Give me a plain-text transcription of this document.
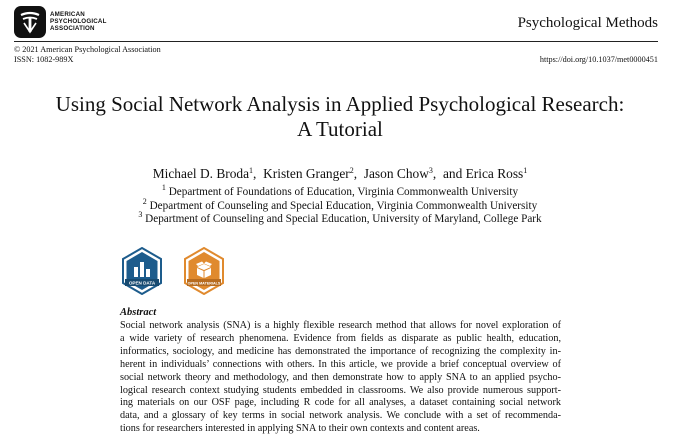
AMERICAN
PSYCHOLOGICAL
ASSOCIATION	Psychological Methods
© 2021 American Psychological Association
ISSN: 1082-989X	https://doi.org/10.1037/met0000451
Using Social Network Analysis in Applied Psychological Research:
A Tutorial
Michael D. Broda$^1$,  Kristen Granger$^2$,  Jason Chow$^3$,  and Erica Ross$^1$
$^1$ Department of Foundations of Education, Virginia Commonwealth University
$^2$ Department of Counseling and Special Education, Virginia Commonwealth University
$^3$ Department of Counseling and Special Education, University of Maryland, College Park
OPEN DATA	OPEN MATERIALS
Abstract
Social network analysis (SNA) is a highly flexible research method that allows for novel exploration of
a wide variety of research phenomena. Evidence from fields as disparate as public health, education,
informatics, sociology, and medicine has demonstrated the importance of recognizing the complexity in-
herent in individuals’ connections with others. In this article, we provide a brief conceptual overview of
social network theory and methodology, and then demonstrate how to apply SNA to an applied psycho-
logical research context studying students embedded in classrooms. We also provide numerous support-
ing materials on our OSF page, including R code for all analyses, a dataset containing social network
data, and a glossary of key terms in social network analysis. We conclude with a set of recommenda-
tions for researchers interested in applying SNA to their own contexts and content areas.
